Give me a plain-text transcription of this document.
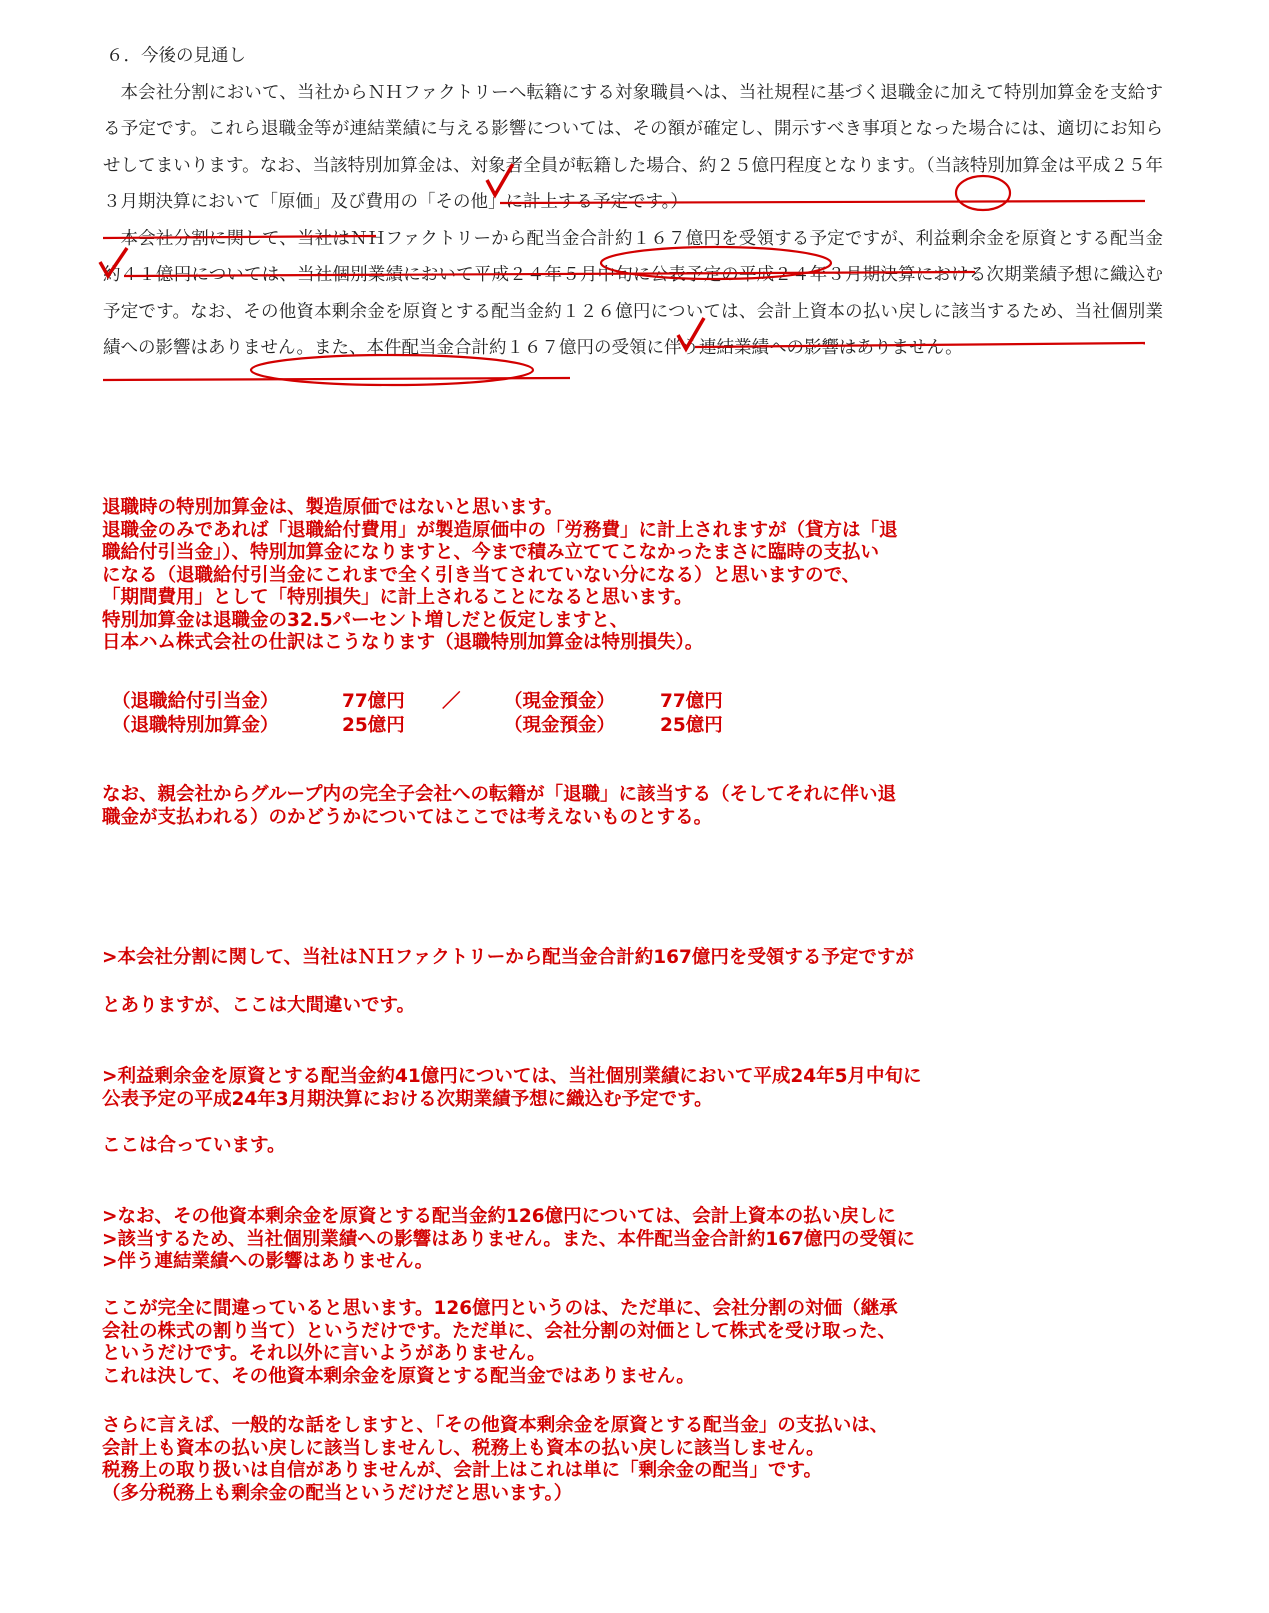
６．今後の見通し

本会社分割において、当社からＮＨファクトリーへ転籍にする対象職員へは、当社規程に基づく退職金に加えて特別加算金を支給する予定です。これら退職金等が連結業績に与える影響については、その額が確定し、開示すべき事項となった場合には、適切にお知らせしてまいります。なお、当該特別加算金は、対象者全員が転籍した場合、約２５億円程度となります。（当該特別加算金は平成２５年３月期決算において「原価」及び費用の「その他」に計上する予定です。）

本会社分割に関して、当社はＮＨファクトリーから配当金合計約１６７億円を受領する予定ですが、利益剰余金を原資とする配当金約４１億円については、当社個別業績において平成２４年５月中旬に公表予定の平成２４年３月期決算における次期業績予想に織込む予定です。なお、その他資本剰余金を原資とする配当金約１２６億円については、会計上資本の払い戻しに該当するため、当社個別業績への影響はありません。また、本件配当金合計約１６７億円の受領に伴う連結業績への影響はありません。

退職時の特別加算金は、製造原価ではないと思います。
退職金のみであれば「退職給付費用」が製造原価中の「労務費」に計上されますが（貸方は「退
職給付引当金」）、特別加算金になりますと、今まで積み立ててこなかったまさに臨時の支払い
になる（退職給付引当金にこれまで全く引き当てされていない分になる）と思いますので、
「期間費用」として「特別損失」に計上されることになると思います。
特別加算金は退職金の32.5パーセント増しだと仮定しますと、
日本ハム株式会社の仕訳はこうなります（退職特別加算金は特別損失）。
（退職給付引当金）	77億円 ／ （現金預金） 77億円
（退職特別加算金）	25億円	（現金預金） 25億円
なお、親会社からグループ内の完全子会社への転籍が「退職」に該当する（そしてそれに伴い退
職金が支払われる）のかどうかについてはここでは考えないものとする。
>本会社分割に関して、当社はＮＨファクトリーから配当金合計約167億円を受領する予定ですが
とありますが、ここは大間違いです。
>利益剰余金を原資とする配当金約41億円については、当社個別業績において平成24年5月中旬に
公表予定の平成24年3月期決算における次期業績予想に織込む予定です。
ここは合っています。
>なお、その他資本剰余金を原資とする配当金約126億円については、会計上資本の払い戻しに
>該当するため、当社個別業績への影響はありません。また、本件配当金合計約167億円の受領に
>伴う連結業績への影響はありません。
ここが完全に間違っていると思います。126億円というのは、ただ単に、会社分割の対価（継承
会社の株式の割り当て）というだけです。ただ単に、会社分割の対価として株式を受け取った、
というだけです。それ以外に言いようがありません。
これは決して、その他資本剰余金を原資とする配当金ではありません。
さらに言えば、一般的な話をしますと、「その他資本剰余金を原資とする配当金」の支払いは、
会計上も資本の払い戻しに該当しませんし、税務上も資本の払い戻しに該当しません。
税務上の取り扱いは自信がありませんが、会計上はこれは単に「剰余金の配当」です。
（多分税務上も剰余金の配当というだけだと思います。）
